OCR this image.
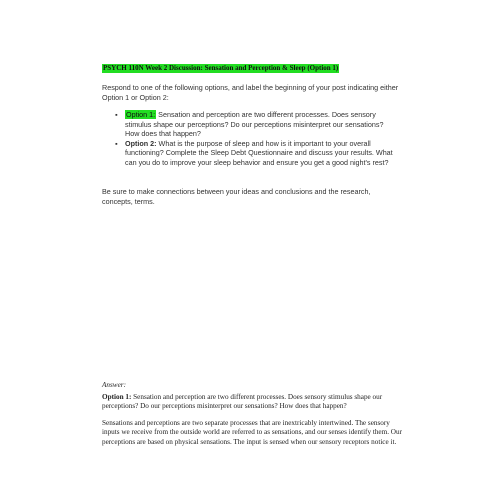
PSYCH 110N Week 2 Discussion: Sensation and Perception & Sleep (Option 1)
Respond to one of the following options, and label the beginning of your post indicating either Option 1 or Option 2:
▪ Option 1: Sensation and perception are two different processes. Does sensory stimulus shape our perceptions? Do our perceptions misinterpret our sensations? How does that happen?
▪ Option 2: What is the purpose of sleep and how is it important to your overall functioning? Complete the Sleep Debt Questionnaire and discuss your results. What can you do to improve your sleep behavior and ensure you get a good night's rest?
Be sure to make connections between your ideas and conclusions and the research, concepts, terms.
Answer:
Option 1: Sensation and perception are two different processes. Does sensory stimulus shape our perceptions? Do our perceptions misinterpret our sensations? How does that happen?
Sensations and perceptions are two separate processes that are inextricably intertwined. The sensory inputs we receive from the outside world are referred to as sensations, and our senses identify them. Our perceptions are based on physical sensations. The input is sensed when our sensory receptors notice it.
